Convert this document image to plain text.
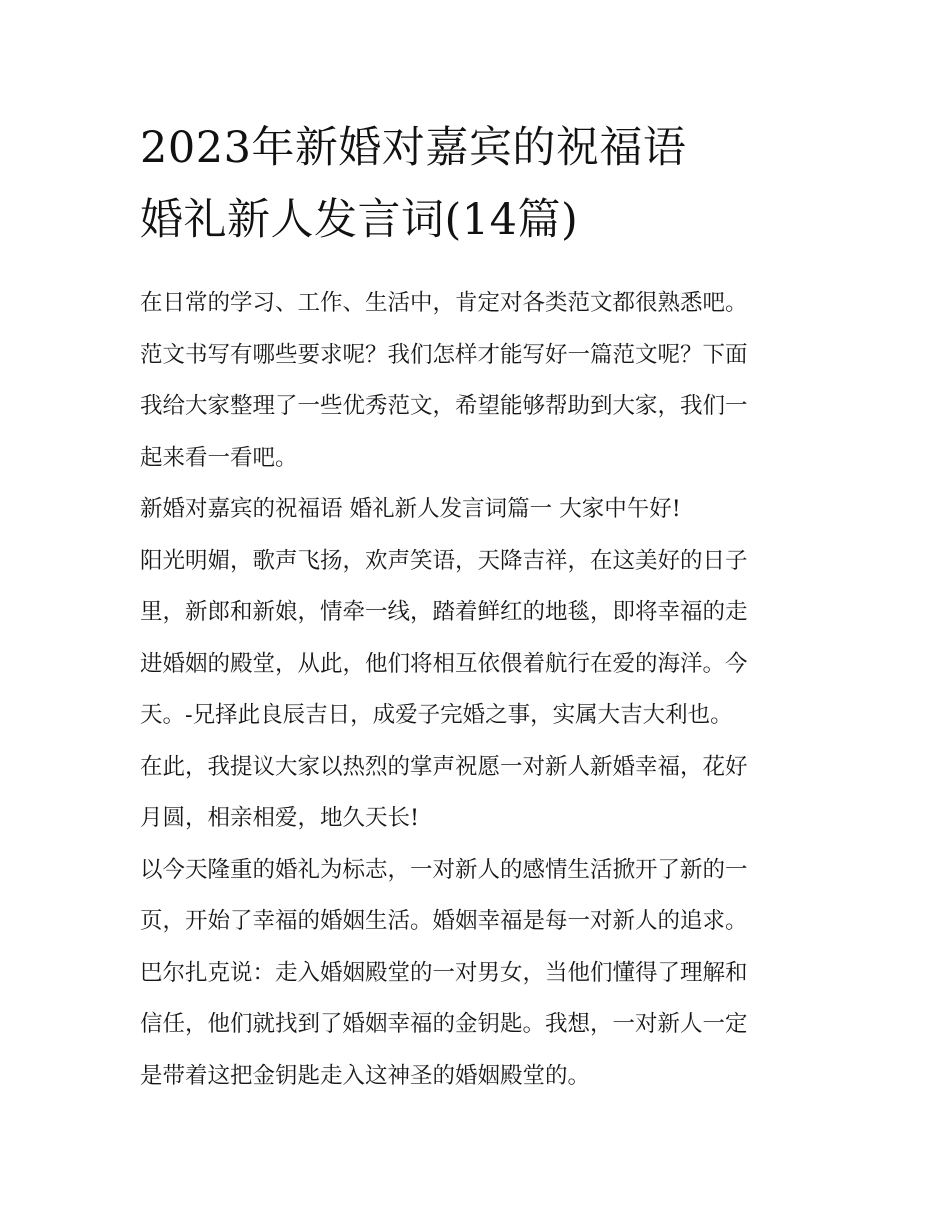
2023年新婚对嘉宾的祝福语
婚礼新人发言词(14篇)
在日常的学习、工作、生活中，肯定对各类范文都很熟悉吧。
范文书写有哪些要求呢？我们怎样才能写好一篇范文呢？下面
我给大家整理了一些优秀范文，希望能够帮助到大家，我们一
起来看一看吧。
新婚对嘉宾的祝福语 婚礼新人发言词篇一 大家中午好!
阳光明媚，歌声飞扬，欢声笑语，天降吉祥，在这美好的日子
里，新郎和新娘，情牵一线，踏着鲜红的地毯，即将幸福的走
进婚姻的殿堂，从此，他们将相互依偎着航行在爱的海洋。今
天。-兄择此良辰吉日，成爱子完婚之事，实属大吉大利也。
在此，我提议大家以热烈的掌声祝愿一对新人新婚幸福，花好
月圆，相亲相爱，地久天长!
以今天隆重的婚礼为标志，一对新人的感情生活掀开了新的一
页，开始了幸福的婚姻生活。婚姻幸福是每一对新人的追求。
巴尔扎克说：走入婚姻殿堂的一对男女，当他们懂得了理解和
信任，他们就找到了婚姻幸福的金钥匙。我想，一对新人一定
是带着这把金钥匙走入这神圣的婚姻殿堂的。
